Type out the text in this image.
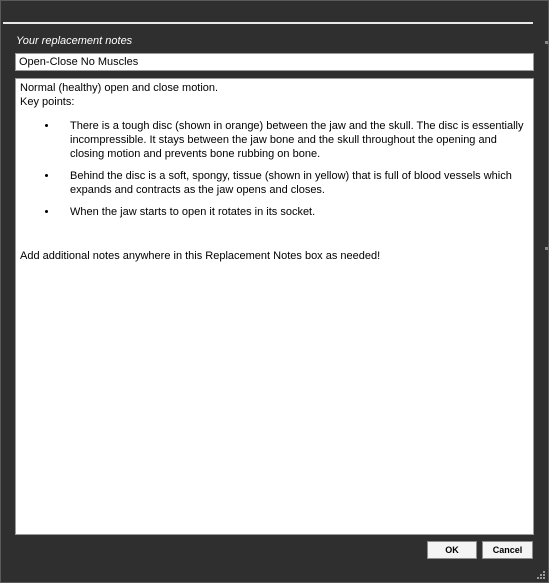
Your replacement notes
Open-Close No Muscles

Normal (healthy) open and close motion.

Key points:

• There is a tough disc (shown in orange) between the jaw and the skull. The disc is essentially incompressible. It stays between the jaw bone and the skull throughout the opening and closing motion and prevents bone rubbing on bone.
• Behind the disc is a soft, spongy, tissue (shown in yellow) that is full of blood vessels which expands and contracts as the jaw opens and closes.
• When the jaw starts to open it rotates in its socket.

Add additional notes anywhere in this Replacement Notes box as needed!

OK	Cancel
